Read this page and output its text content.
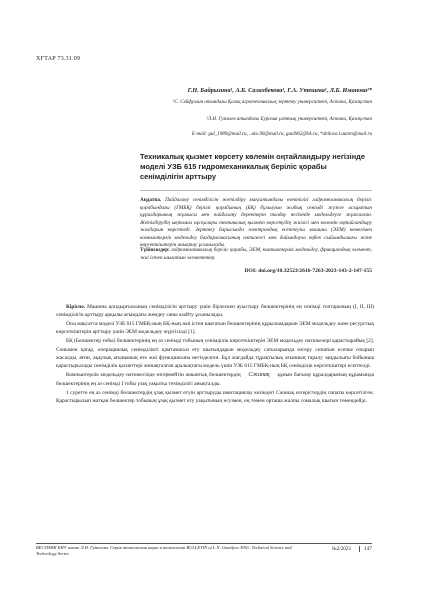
ХҒТАР 73.31.09
Г.Н. Байрызина¹, А.Б. Салахбекова¹, Г.А. Утешева¹, Л.Б. Иманова²*
¹С. Сейфуллин атындағы Қазақ агротехникалық зерттеу университеті, Астана, Қазақстан
²Л.Н. Гумилев атындағы Еуразия ұлттық университеті, Астана, Қазақстан
E-mail: gul_1989@mail.ru, ..sko.90@mail.ru, gaul962@bk.ru, *abilova.l.auren@mail.ru
Техникалық қызмет көрсету көлемін оңтайландыру негізінде моделі УЗБ 615 гидромеханикалық беріліс қорабы сенімділігін арттыру
Аңдатпа. Пайдалану сенімділігін жетілдіру мақсатындағы өзектілігі гидромеханикалық беріліс қорабындағы (ГМБҚ) беріліс қорабының (БҚ) бұзылуын жабық сенімді жүзеге асыратын құралдарының жұмысы мен пайдалану деректерін талдау негізінде модельдеуге жұмсалған. Жетілдірудің ықтимал нұсқалары техникалық қызмет көрсетудің жиілігі мен көлемін оңтайландыру жолдарын көрсетеді. Зерттеу барысында электрондық есептеуіш машина (ЭЕМ) көмегімен компьютерлік модельдеу бағдарламасының нәтижесі мен дайындауға еңбек сыйымдылығы және көрсеткіштерін анықтау ұсынылады.
Түйінсөздер: гидромеханикалық беріліс қорабы, ЭЕМ, компьютерлік модельдеу, фрикциондық элемент, жиі істен шығатын элементтер.
DOI: doi.org/10.32523/2616-7263-2023-143-2-147-155

Кіріспе. Машина қондырғысының сенімділігін арттыру үшін бірлескен ауыстыру бөлшектерінің ең сенімді топтарының (I, II, III) сенімділігін арттыру арқылы ағымдағы жөндеу саны азайту ұсынылады.

Осы мақсатта моделі УЗБ 615 ГМБҚ-ның БҚ-ның жиі істен шығатын бөлшектерінің құрылымдарын ЭЕМ модельдеу және ресурстық көрсеткіштерін арттыру үшін ЭЕМ модельдеу жүргізілді [1].

БҚ (Бөлшектер тобы) бөлшектерінің ең аз сенімді тобының сенімділік көрсеткіштерін ЭЕМ модельдеу нәтижелері қарастырайық [2]. Сонымен қатар, операциялық сенімділікті қамтамасыз ету шығындарын модельдеу сатыларында өзгеру сипатын есепке отырып жасалды, яғни, ақаулық ағынының өте жиі функциясына негізделген. Бұл жағдайда тұрақтылық ағынның таралу заңдылығы бойынша қарастырылады сенімділік қасиеттері жинақталған аралықтағы модель үшін УЗБ 615 ГМБҚ-ның БҚ сенімділік көрсеткіштері есептелді.

Компьютерлік модельдеу нәтижесінде өзгермейтін жиынтық бөлшектердің Cжинақ құнын бағалау құралдарының құрамында бөлшектерінің ең аз сенімді I тобы үзақ уақытқа төзімділігі анықталды.

1 суретте ең аз сенімді бөлшектердің ұзақ қызмет етуін арттыруды имитациялау кезіндегі Cжинақ өзгерістердің сипаты көрсетілген. Қарастырылып жатқан бөлшектер тобының ұзақ қызмет ету уақытының өсуімен, ең төмен орташа жалпы сомалық шығын төмендейді.

ВЕСТНИК ЕНУ имени Л.Н. Гумилева. Серия техническая наука и технологии BULLETIN of L.N. Gumilyov ENU. Technical Science and Technology Series
№2/2023	147
